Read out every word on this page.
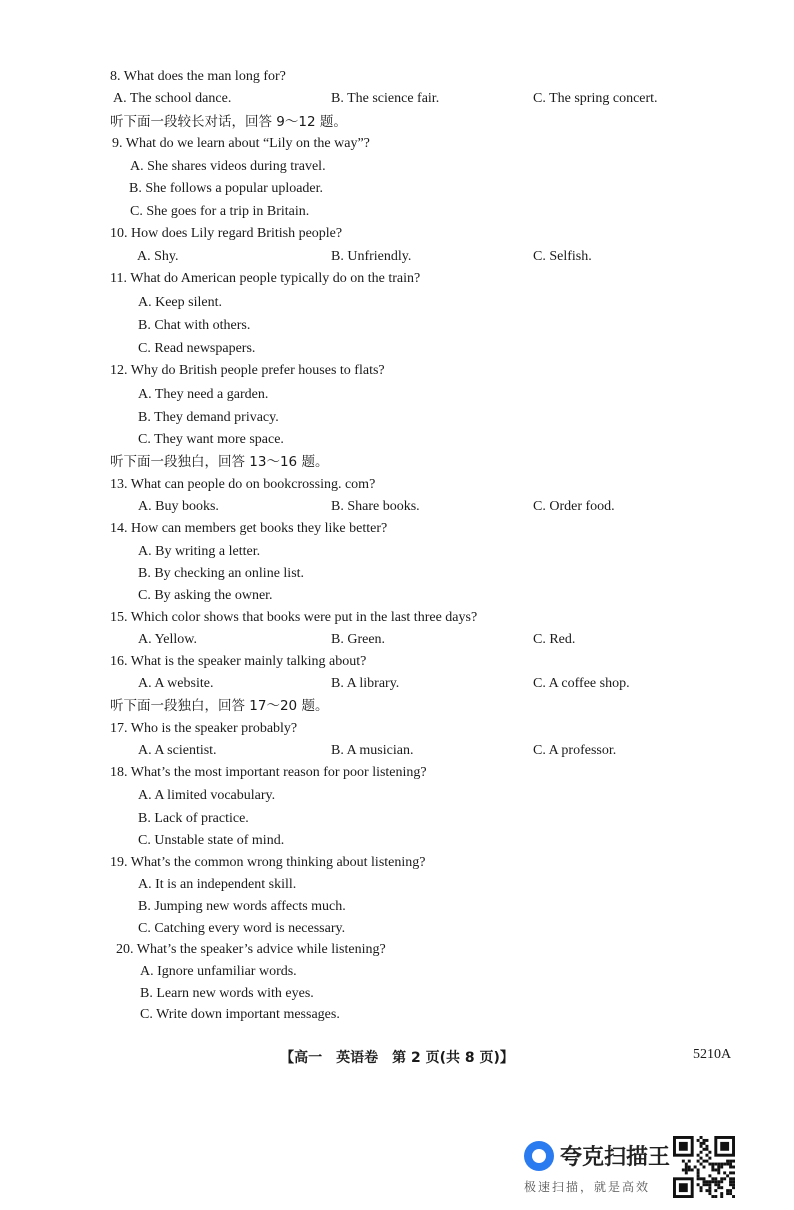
8. What does the man long for?
A. The school dance.	B. The science fair.	C. The spring concert.
听下面一段较长对话，回答 9～12 题。
9. What do we learn about “Lily on the way”?
A. She shares videos during travel.
B. She follows a popular uploader.
C. She goes for a trip in Britain.
10. How does Lily regard British people?
A. Shy.	B. Unfriendly.	C. Selfish.
11. What do American people typically do on the train?
A. Keep silent.
B. Chat with others.
C. Read newspapers.
12. Why do British people prefer houses to flats?
A. They need a garden.
B. They demand privacy.
C. They want more space.
听下面一段独白，回答 13～16 题。
13. What can people do on bookcrossing. com?
A. Buy books.	B. Share books.	C. Order food.
14. How can members get books they like better?
A. By writing a letter.
B. By checking an online list.
C. By asking the owner.
15. Which color shows that books were put in the last three days?
A. Yellow.	B. Green.	C. Red.
16. What is the speaker mainly talking about?
A. A website.	B. A library.	C. A coffee shop.
听下面一段独白，回答 17～20 题。
17. Who is the speaker probably?
A. A scientist.	B. A musician.	C. A professor.
18. What’s the most important reason for poor listening?
A. A limited vocabulary.
B. Lack of practice.
C. Unstable state of mind.
19. What’s the common wrong thinking about listening?
A. It is an independent skill.
B. Jumping new words affects much.
C. Catching every word is necessary.
20. What’s the speaker’s advice while listening?
A. Ignore unfamiliar words.
B. Learn new words with eyes.
C. Write down important messages.
【高一　英语卷　第 2 页(共 8 页)】	5210A
夸克扫描王
极速扫描，就是高效
